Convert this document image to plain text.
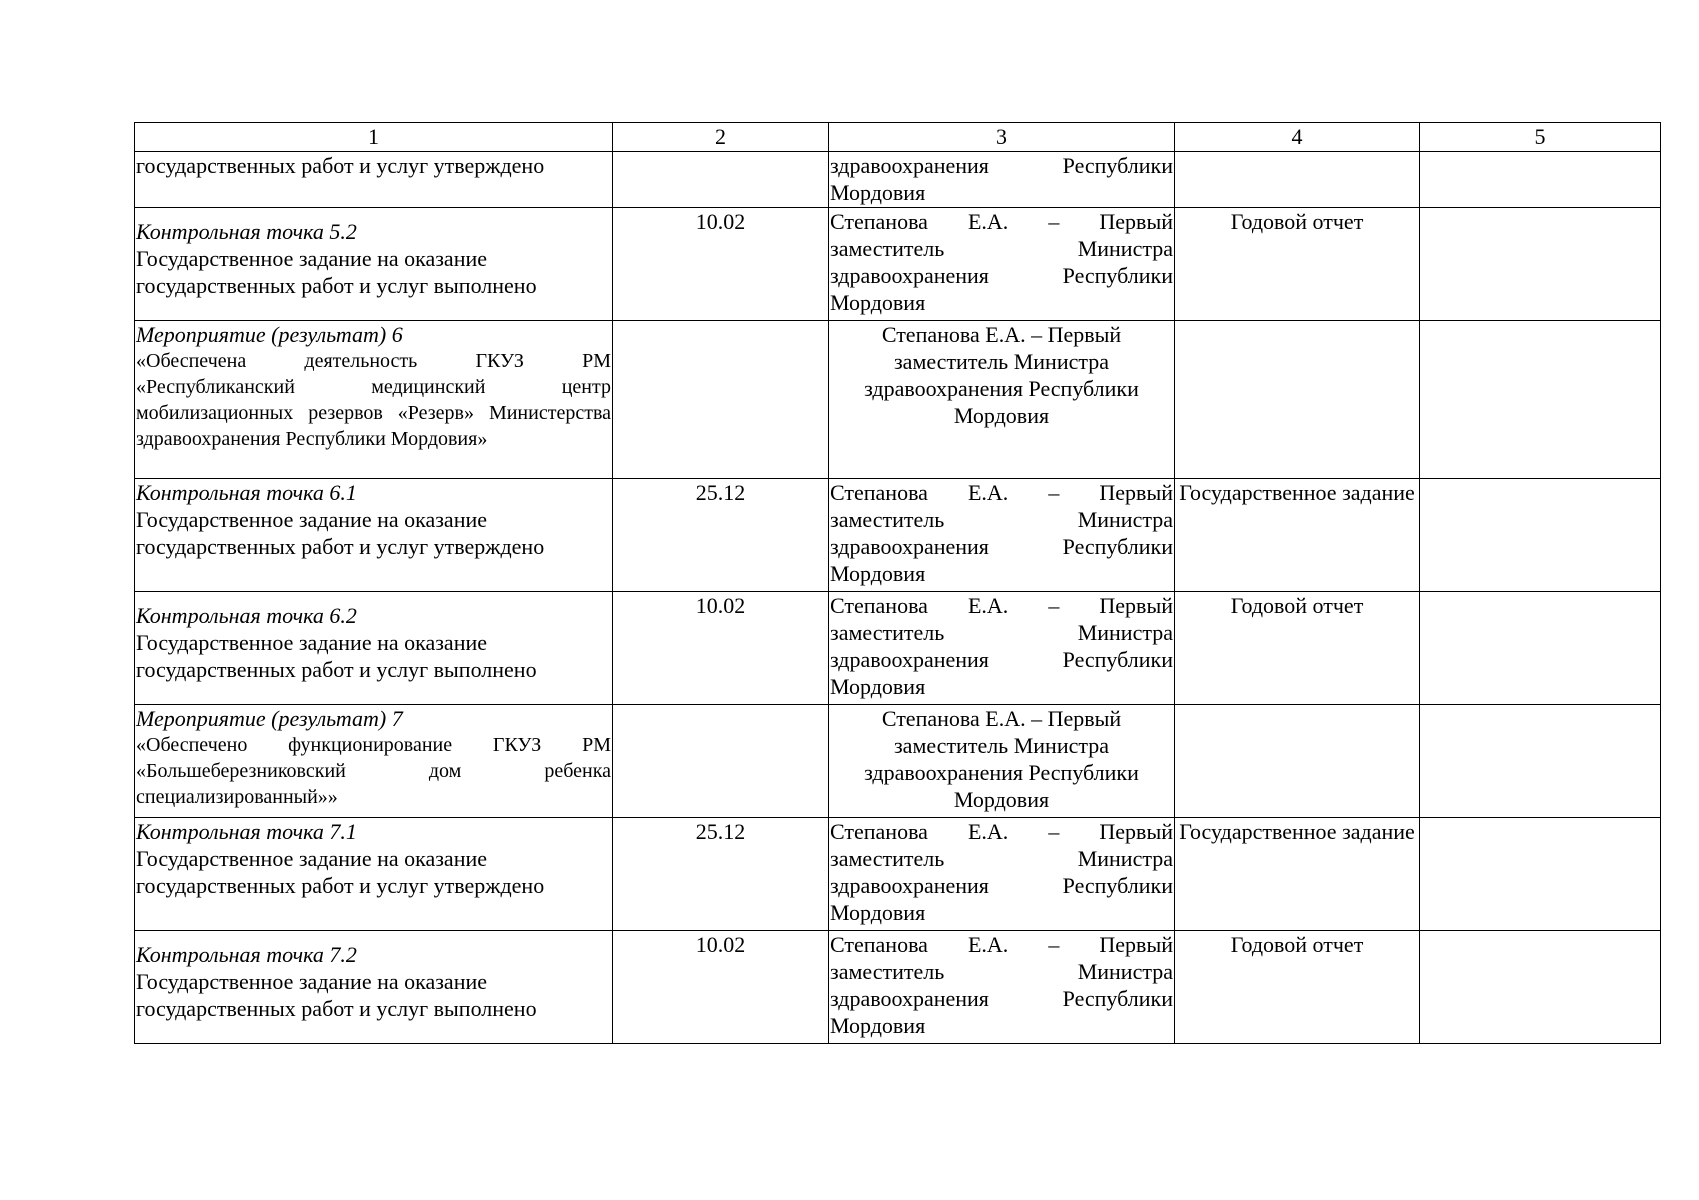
1	2	3	4	5

государственных работ и услуг утверждено		здравоохранения Республики Мордовия		

Контрольная точка 5.2
Государственное задание на оказание государственных работ и услуг выполнено	10.02	Степанова Е.А. – Первый заместитель Министра здравоохранения Республики Мордовия	Годовой отчет	

Мероприятие (результат) 6
«Обеспечена деятельность ГКУЗ РМ «Республиканский медицинский центр мобилизационных резервов «Резерв» Министерства здравоохранения Республики Мордовия»		Степанова Е.А. – Первый заместитель Министра здравоохранения Республики Мордовия		

Контрольная точка 6.1
Государственное задание на оказание государственных работ и услуг утверждено	25.12	Степанова Е.А. – Первый заместитель Министра здравоохранения Республики Мордовия	Государственное задание	

Контрольная точка 6.2
Государственное задание на оказание государственных работ и услуг выполнено	10.02	Степанова Е.А. – Первый заместитель Министра здравоохранения Республики Мордовия	Годовой отчет	

Мероприятие (результат) 7
«Обеспечено функционирование ГКУЗ РМ «Большеберезниковский дом ребенка специализированный»»		Степанова Е.А. – Первый заместитель Министра здравоохранения Республики Мордовия		

Контрольная точка 7.1
Государственное задание на оказание государственных работ и услуг утверждено	25.12	Степанова Е.А. – Первый заместитель Министра здравоохранения Республики Мордовия	Государственное задание	

Контрольная точка 7.2
Государственное задание на оказание государственных работ и услуг выполнено	10.02	Степанова Е.А. – Первый заместитель Министра здравоохранения Республики Мордовия	Годовой отчет	
